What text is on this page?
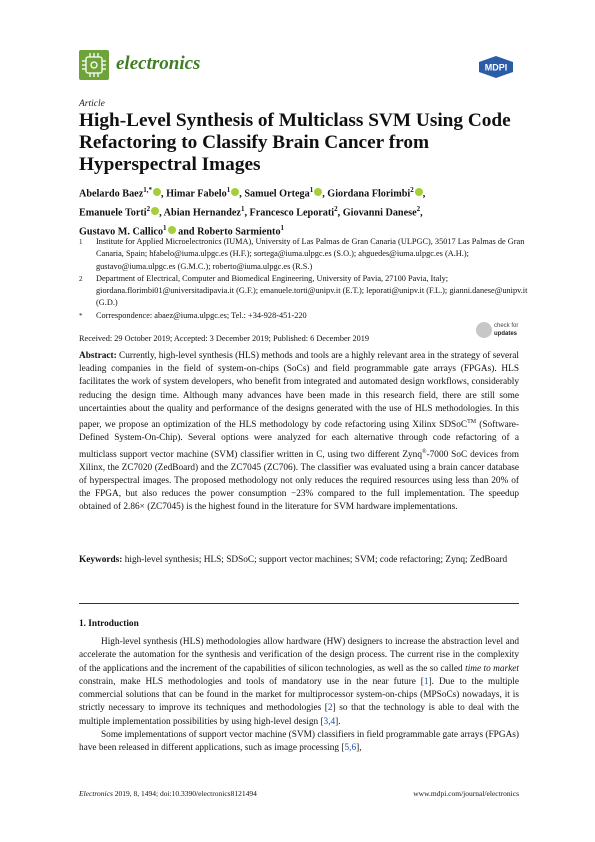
electronics	MDPI
Article
High-Level Synthesis of Multiclass SVM Using Code Refactoring to Classify Brain Cancer from Hyperspectral Images
Abelardo Baez$^{1,*}$ , Himar Fabelo$^1$ , Samuel Ortega$^1$ , Giordana Florimbi$^2$ ,
Emanuele Torti$^2$ , Abian Hernandez$^1$, Francesco Leporati$^2$, Giovanni Danese$^2$,
Gustavo M. Callico$^1$ and Roberto Sarmiento$^1$
1	Institute for Applied Microelectronics (IUMA), University of Las Palmas de Gran Canaria (ULPGC), 35017 Las Palmas de Gran Canaria, Spain; hfabelo@iuma.ulpgc.es (H.F.); sortega@iuma.ulpgc.es (S.O.); ahguedes@iuma.ulpgc.es (A.H.); gustavo@iuma.ulpgc.es (G.M.C.); roberto@iuma.ulpgc.es (R.S.)
2	Department of Electrical, Computer and Biomedical Engineering, University of Pavia, 27100 Pavia, Italy; giordana.florimbi01@universitadipavia.it (G.F.); emanuele.torti@unipv.it (E.T.); leporati@unipv.it (F.L.); gianni.danese@unipv.it (G.D.)
*	Correspondence: abaez@iuma.ulpgc.es; Tel.: +34-928-451-220
Received: 29 October 2019; Accepted: 3 December 2019; Published: 6 December 2019
check for
updates
Abstract: Currently, high-level synthesis (HLS) methods and tools are a highly relevant area in the strategy of several leading companies in the field of system-on-chips (SoCs) and field programmable gate arrays (FPGAs). HLS facilitates the work of system developers, who benefit from integrated and automated design workflows, considerably reducing the design time. Although many advances have been made in this research field, there are still some uncertainties about the quality and performance of the designs generated with the use of HLS methodologies. In this paper, we propose an optimization of the HLS methodology by code refactoring using Xilinx SDSoC™ (Software-Defined System-On-Chip). Several options were analyzed for each alternative through code refactoring of a multiclass support vector machine (SVM) classifier written in C, using two different Zynq®-7000 SoC devices from Xilinx, the ZC7020 (ZedBoard) and the ZC7045 (ZC706). The classifier was evaluated using a brain cancer database of hyperspectral images. The proposed methodology not only reduces the required resources using less than 20% of the FPGA, but also reduces the power consumption −23% compared to the full implementation. The speedup obtained of 2.86× (ZC7045) is the highest found in the literature for SVM hardware implementations.
Keywords: high-level synthesis; HLS; SDSoC; support vector machines; SVM; code refactoring; Zynq; ZedBoard
1. Introduction

High-level synthesis (HLS) methodologies allow hardware (HW) designers to increase the abstraction level and accelerate the automation for the synthesis and verification of the design process. The current rise in the complexity of the applications and the increment of the capabilities of silicon technologies, as well as the so called time to market constrain, make HLS methodologies and tools of mandatory use in the near future [1]. Due to the multiple commercial solutions that can be found in the market for multiprocessor system-on-chips (MPSoCs) nowadays, it is strictly necessary to improve its techniques and methodologies [2] so that the technology is able to deal with the multiple implementation possibilities by using high-level design [3,4].

Some implementations of support vector machine (SVM) classifiers in field programmable gate arrays (FPGAs) have been released in different applications, such as image processing [5,6],

Electronics 2019, 8, 1494; doi:10.3390/electronics8121494	www.mdpi.com/journal/electronics
